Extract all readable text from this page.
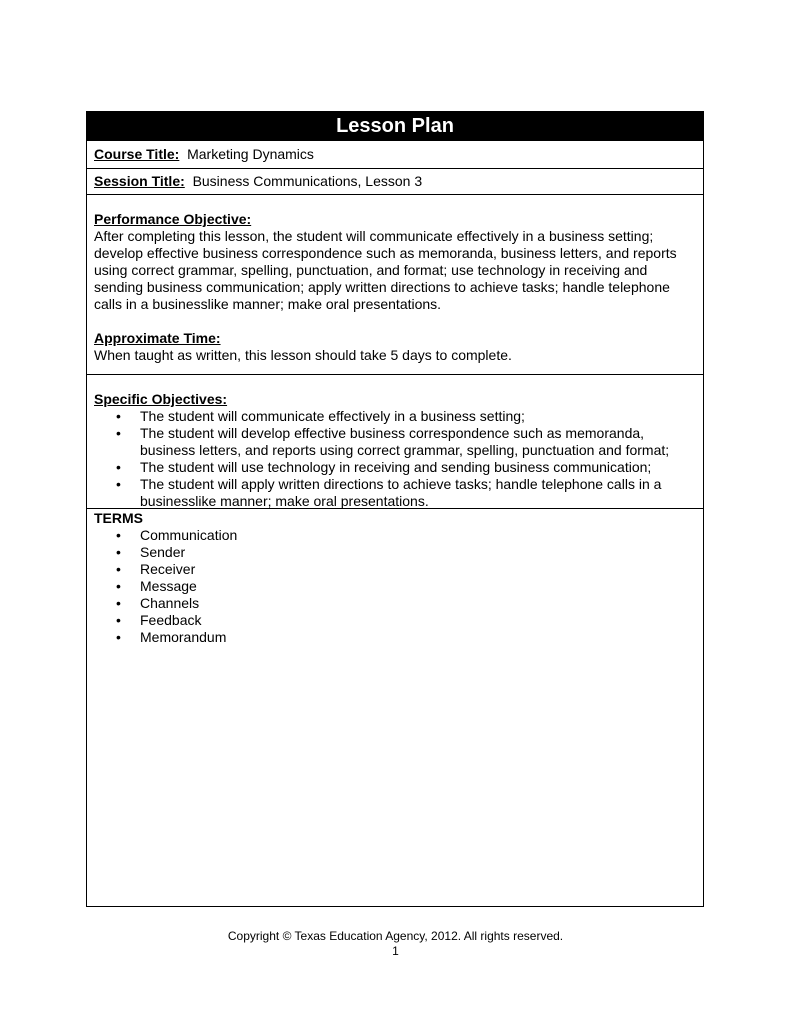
Lesson Plan
Course Title: Marketing Dynamics
Session Title: Business Communications, Lesson 3
Performance Objective:
After completing this lesson, the student will communicate effectively in a business setting;
develop effective business correspondence such as memoranda, business letters, and reports
using correct grammar, spelling, punctuation, and format; use technology in receiving and
sending business communication; apply written directions to achieve tasks; handle telephone
calls in a businesslike manner; make oral presentations.
Approximate Time:
When taught as written, this lesson should take 5 days to complete.
Specific Objectives:
• The student will communicate effectively in a business setting;
• The student will develop effective business correspondence such as memoranda, business letters, and reports using correct grammar, spelling, punctuation and format;
• The student will use technology in receiving and sending business communication;
• The student will apply written directions to achieve tasks; handle telephone calls in a businesslike manner; make oral presentations.
TERMS
• Communication
• Sender
• Receiver
• Message
• Channels
• Feedback
• Memorandum
Copyright © Texas Education Agency, 2012. All rights reserved.
1
